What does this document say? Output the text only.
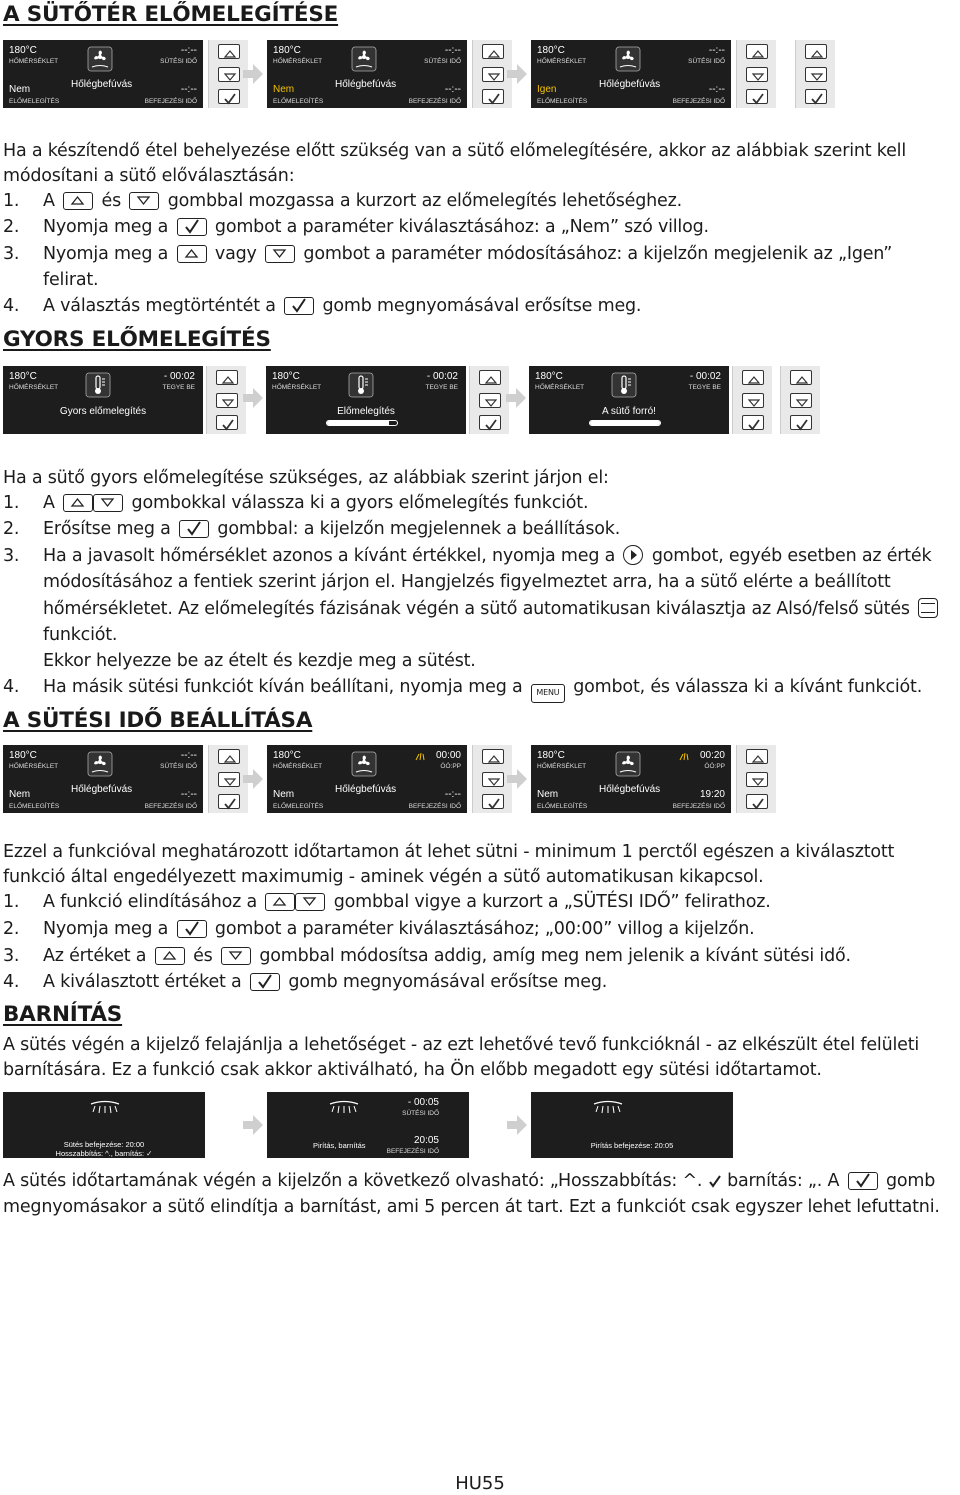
A SÜTŐTÉR ELŐMELEGÍTÉSE
180°C
HŐMÉRSÉKLET
--:--
SÜTÉSI IDŐ
Hőlégbefúvás
Nem
ELŐMELEGÍTÉS
--:--
BEFEJEZÉSI IDŐ
180°C
HŐMÉRSÉKLET
--:--
SÜTÉSI IDŐ
Hőlégbefúvás
Nem
ELŐMELEGÍTÉS
--:--
BEFEJEZÉSI IDŐ
180°C
HŐMÉRSÉKLET
--:--
SÜTÉSI IDŐ
Hőlégbefúvás
Igen
ELŐMELEGÍTÉS
--:--
BEFEJEZÉSI IDŐ
Ha a készítendő étel behelyezése előtt szükség van a sütő előmelegítésére, akkor az alábbiak szerint kell
módosítani a sütő előválasztásán:
1. A	és	gombbal mozgassa a kurzort az előmelegítés lehetőséghez.
2. Nyomja meg a	gombot a paraméter kiválasztásához: a „Nem” szó villog.
3. Nyomja meg a	vagy	gombot a paraméter módosításához: a kijelzőn megjelenik az „Igen”
felirat.
4. A választás megtörténtét a	gomb megnyomásával erősítse meg.
GYORS ELŐMELEGÍTÉS
180°C
HŐMÉRSÉKLET
- 00:02
TEGYE BE
Gyors előmelegítés
180°C
HŐMÉRSÉKLET
- 00:02
TEGYE BE
Előmelegítés
180°C
HŐMÉRSÉKLET
- 00:02
TEGYE BE
A sütő forró!
Ha a sütő gyors előmelegítése szükséges, az alábbiak szerint járjon el:
1. A	gombokkal válassza ki a gyors előmelegítés funkciót.
2. Erősítse meg a	gombbal: a kijelzőn megjelennek a beállítások.
3. Ha a javasolt hőmérséklet azonos a kívánt értékkel, nyomja meg a gombot, egyéb esetben az érték
módosításához a fentiek szerint járjon el. Hangjelzés figyelmeztet arra, ha a sütő elérte a beállított
hőmérsékletet. Az előmelegítés fázisának végén a sütő automatikusan kiválasztja az Alsó/felső sütés
funkciót.
Ekkor helyezze be az ételt és kezdje meg a sütést.
4. Ha másik sütési funkciót kíván beállítani, nyomja meg a MENU gombot, és válassza ki a kívánt funkciót.
A SÜTÉSI IDŐ BEÁLLÍTÁSA
180°C
HŐMÉRSÉKLET
--:--
SÜTÉSI IDŐ
Hőlégbefúvás
Nem
ELŐMELEGÍTÉS
--:--
BEFEJEZÉSI IDŐ
180°C
HŐMÉRSÉKLET
00:00
ÓÓ:PP
Hőlégbefúvás
Nem
ELŐMELEGÍTÉS
--:--
BEFEJEZÉSI IDŐ
180°C
HŐMÉRSÉKLET
00:20
ÓÓ:PP
Hőlégbefúvás
Nem
ELŐMELEGÍTÉS
19:20
BEFEJEZÉSI IDŐ
Ezzel a funkcióval meghatározott időtartamon át lehet sütni - minimum 1 perctől egészen a kiválasztott
funkció által engedélyezett maximumig - aminek végén a sütő automatikusan kikapcsol.
1. A funkció elindításához a	gombbal vigye a kurzort a „SÜTÉSI IDŐ” felirathoz.
2. Nyomja meg a	gombot a paraméter kiválasztásához; „00:00” villog a kijelzőn.
3. Az értéket a	és	gombbal módosítsa addig, amíg meg nem jelenik a kívánt sütési idő.
4. A kiválasztott értéket a	gomb megnyomásával erősítse meg.
BARNÍTÁS
A sütés végén a kijelző felajánlja a lehetőséget - az ezt lehetővé tevő funkcióknál - az elkészült étel felületi
barnítására. Ez a funkció csak akkor aktiválható, ha Ön előbb megadott egy sütési időtartamot.
Sütés befejezése: 20:00
Hosszabbítás: ^., barnítás: ✓
- 00:05
SÜTÉSI IDŐ
Pirítás, barnítás	20:05
BEFEJEZÉSI IDŐ
Pirítás befejezése: 20:05
A sütés időtartamának végén a kijelzőn a következő olvasható: „Hosszabbítás: ^. barnítás: „. A	gomb
megnyomásakor a sütő elindítja a barnítást, ami 5 percen át tart. Ezt a funkciót csak egyszer lehet lefuttatni.
HU55
